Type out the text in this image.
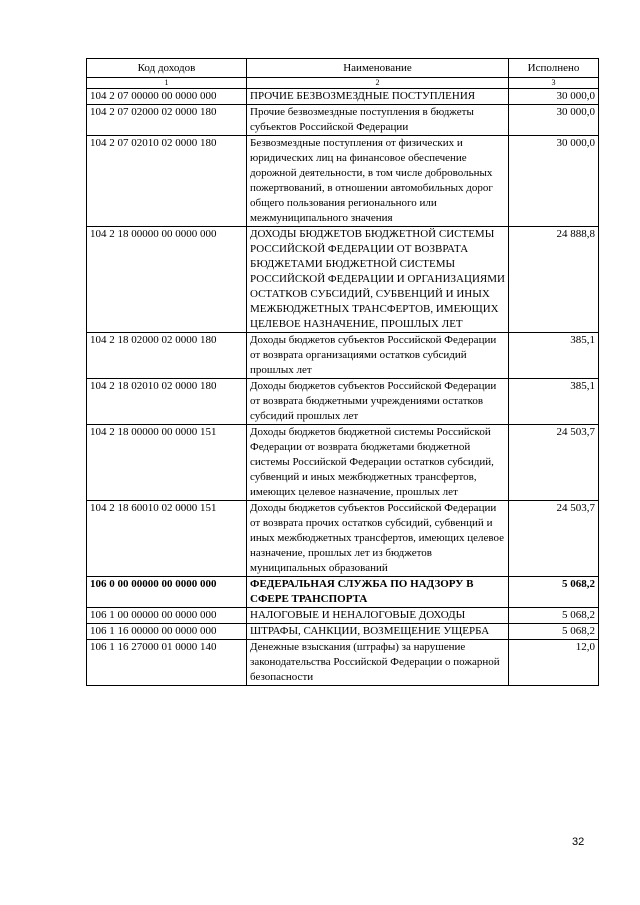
Код доходов	Наименование	Исполнено
1	2	3
104 2 07 00000 00 0000 000	ПРОЧИЕ БЕЗВОЗМЕЗДНЫЕ ПОСТУПЛЕНИЯ	30 000,0
104 2 07 02000 02 0000 180	Прочие безвозмездные поступления в бюджеты субъектов Российской Федерации	30 000,0
104 2 07 02010 02 0000 180	Безвозмездные поступления от физических и юридических лиц на финансовое обеспечение дорожной деятельности, в том числе добровольных пожертвований, в отношении автомобильных дорог общего пользования регионального или межмуниципального значения	30 000,0
104 2 18 00000 00 0000 000	ДОХОДЫ БЮДЖЕТОВ БЮДЖЕТНОЙ СИСТЕМЫ РОССИЙСКОЙ ФЕДЕРАЦИИ ОТ ВОЗВРАТА БЮДЖЕТАМИ БЮДЖЕТНОЙ СИСТЕМЫ РОССИЙСКОЙ ФЕДЕРАЦИИ И ОРГАНИЗАЦИЯМИ ОСТАТКОВ СУБСИДИЙ, СУБВЕНЦИЙ И ИНЫХ МЕЖБЮДЖЕТНЫХ ТРАНСФЕРТОВ, ИМЕЮЩИХ ЦЕЛЕВОЕ НАЗНАЧЕНИЕ, ПРОШЛЫХ ЛЕТ	24 888,8
104 2 18 02000 02 0000 180	Доходы бюджетов субъектов Российской Федерации от возврата организациями остатков субсидий прошлых лет	385,1
104 2 18 02010 02 0000 180	Доходы бюджетов субъектов Российской Федерации от возврата бюджетными учреждениями остатков субсидий прошлых лет	385,1
104 2 18 00000 00 0000 151	Доходы бюджетов бюджетной системы Российской Федерации от возврата бюджетами бюджетной системы Российской Федерации остатков субсидий, субвенций и иных межбюджетных трансфертов, имеющих целевое назначение, прошлых лет	24 503,7
104 2 18 60010 02 0000 151	Доходы бюджетов субъектов Российской Федерации от возврата прочих остатков субсидий, субвенций и иных межбюджетных трансфертов, имеющих целевое назначение, прошлых лет из бюджетов муниципальных образований	24 503,7
106 0 00 00000 00 0000 000	ФЕДЕРАЛЬНАЯ СЛУЖБА ПО НАДЗОРУ В СФЕРЕ ТРАНСПОРТА	5 068,2
106 1 00 00000 00 0000 000	НАЛОГОВЫЕ И НЕНАЛОГОВЫЕ ДОХОДЫ	5 068,2
106 1 16 00000 00 0000 000	ШТРАФЫ, САНКЦИИ, ВОЗМЕЩЕНИЕ УЩЕРБА	5 068,2
106 1 16 27000 01 0000 140	Денежные взыскания (штрафы) за нарушение законодательства Российской Федерации о пожарной безопасности	12,0
32
